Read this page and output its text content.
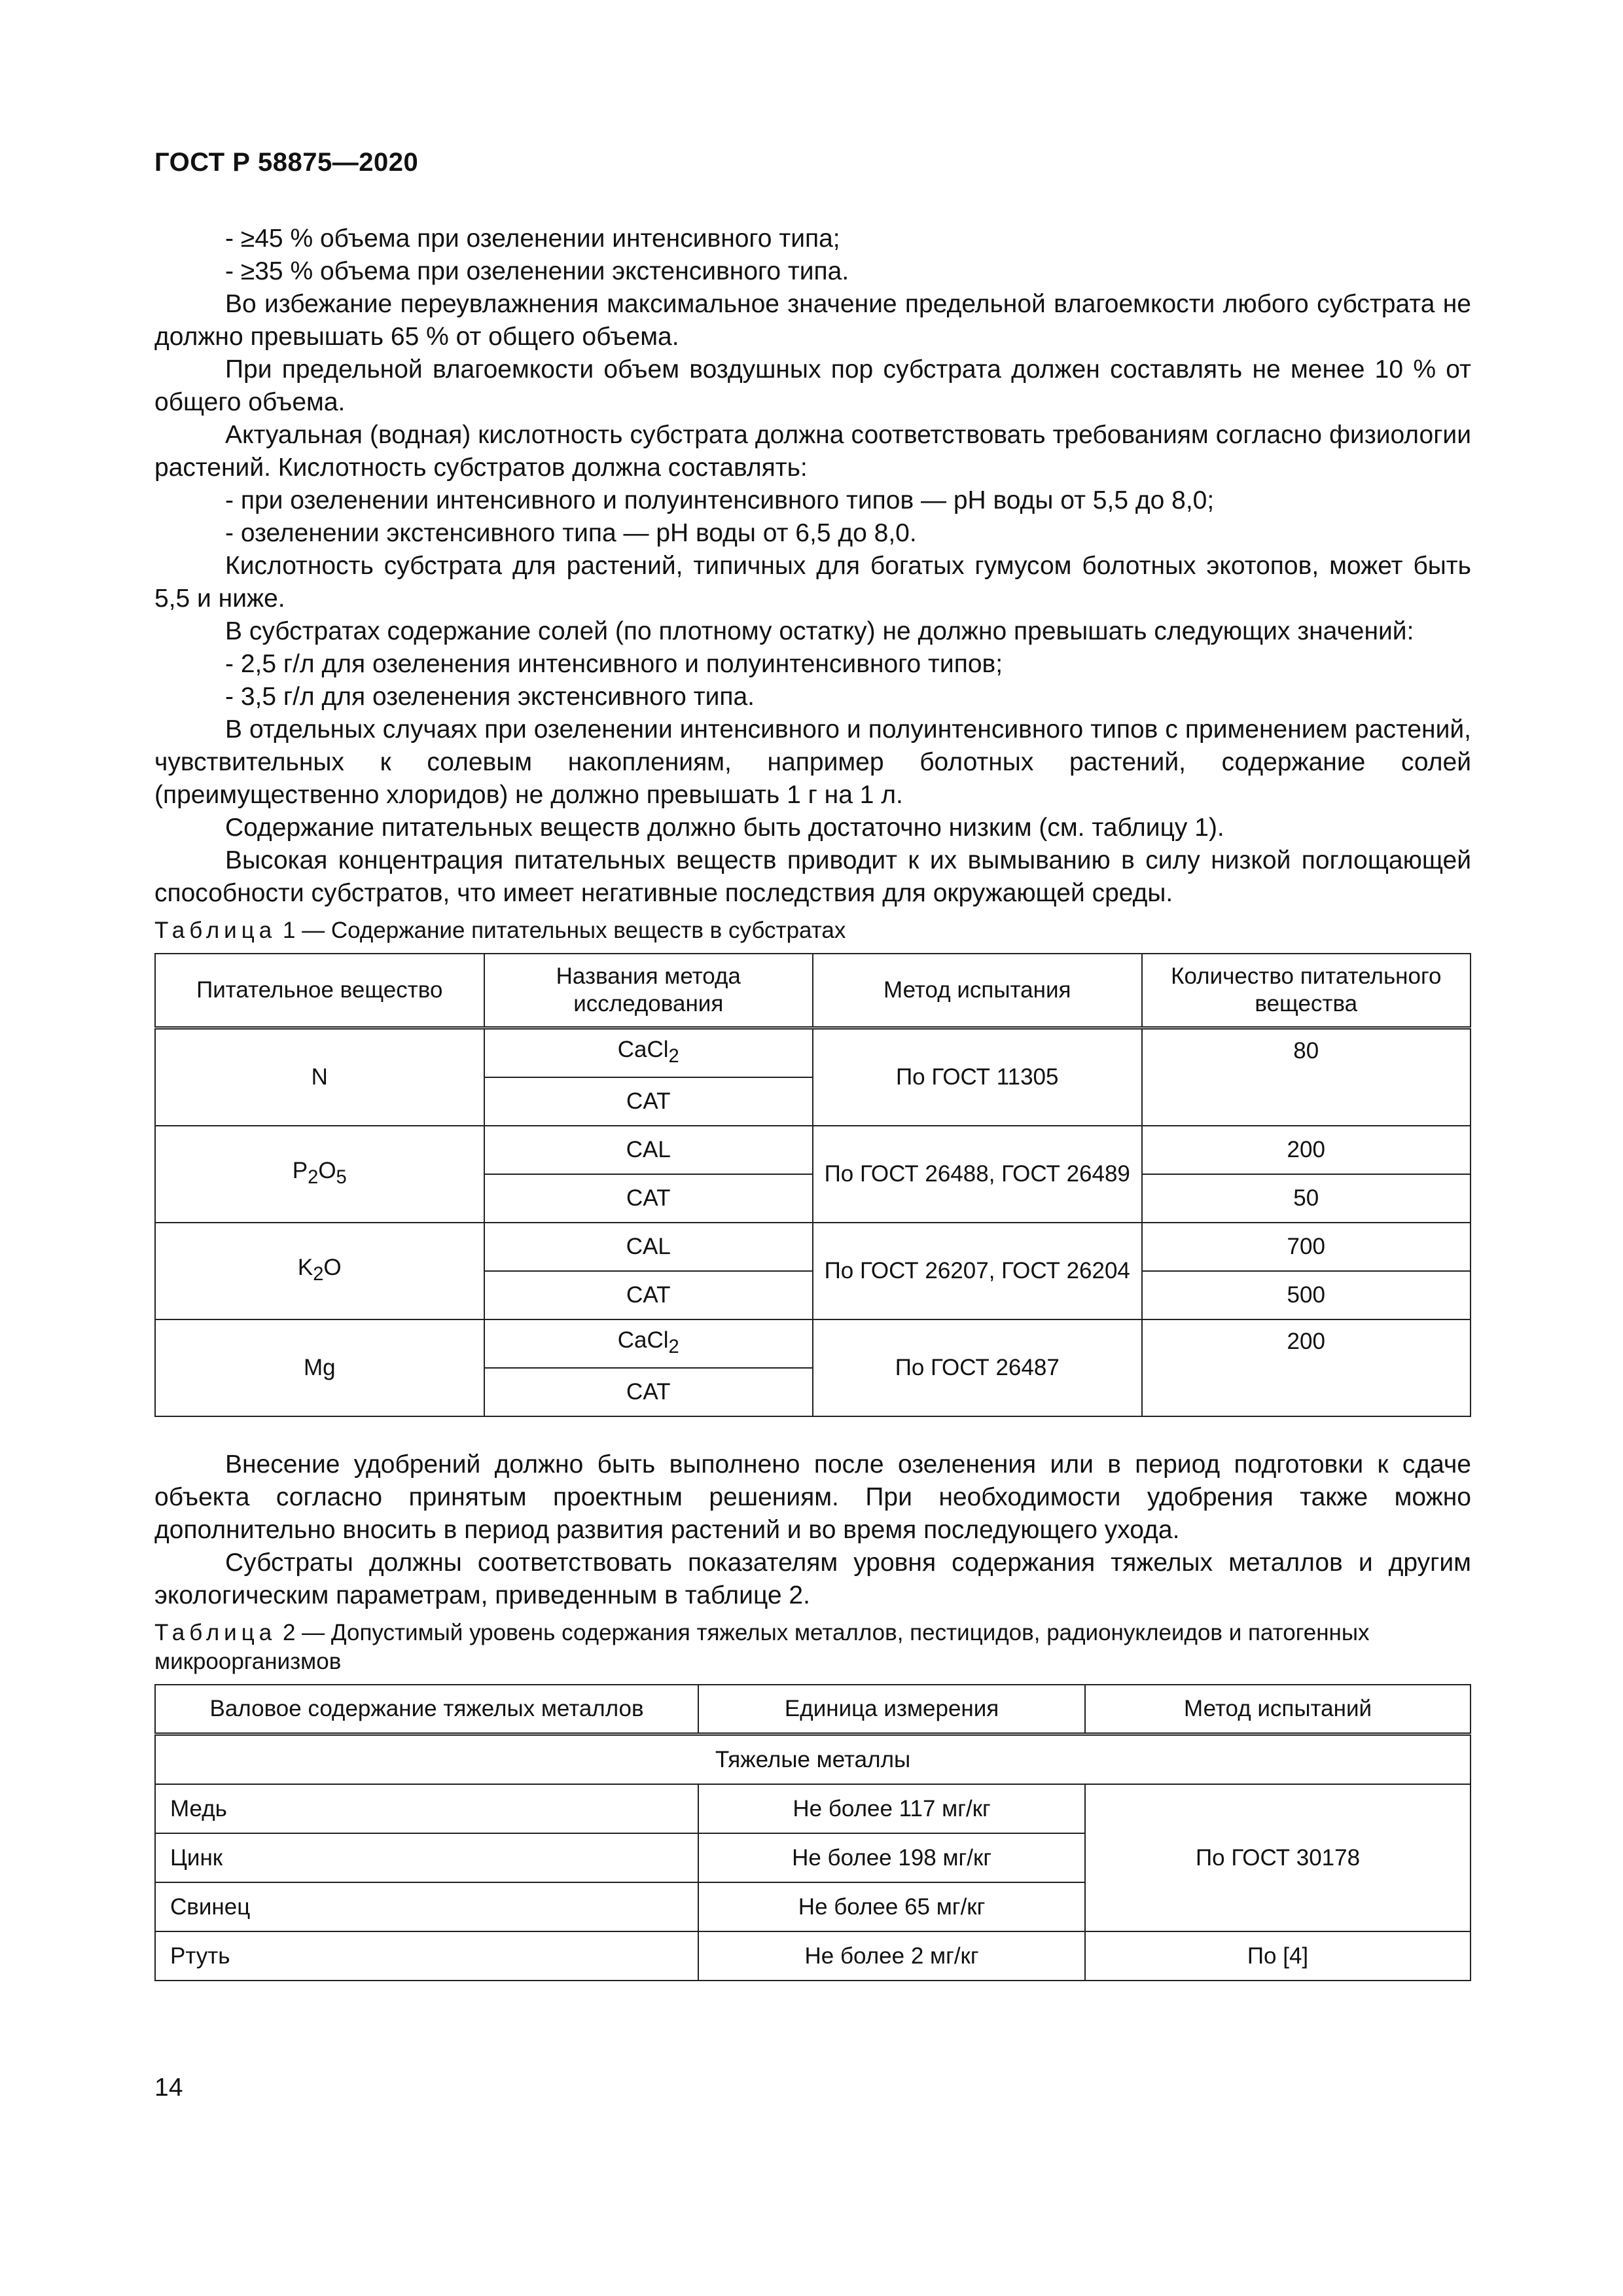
ГОСТ Р 58875—2020

- ≥45 % объема при озеленении интенсивного типа;

- ≥35 % объема при озеленении экстенсивного типа.

Во избежание переувлажнения максимальное значение предельной влагоемкости любого субстрата не должно превышать 65 % от общего объема.

При предельной влагоемкости объем воздушных пор субстрата должен составлять не менее 10 % от общего объема.

Актуальная (водная) кислотность субстрата должна соответствовать требованиям согласно физиологии растений. Кислотность субстратов должна составлять:

- при озеленении интенсивного и полуинтенсивного типов — pH воды от 5,5 до 8,0;

- озеленении экстенсивного типа — pH воды от 6,5 до 8,0.

Кислотность субстрата для растений, типичных для богатых гумусом болотных экотопов, может быть 5,5 и ниже.

В субстратах содержание солей (по плотному остатку) не должно превышать следующих значений:

- 2,5 г/л для озеленения интенсивного и полуинтенсивного типов;

- 3,5 г/л для озеленения экстенсивного типа.

В отдельных случаях при озеленении интенсивного и полуинтенсивного типов с применением растений, чувствительных к солевым накоплениям, например болотных растений, содержание солей (преимущественно хлоридов) не должно превышать 1 г на 1 л.

Содержание питательных веществ должно быть достаточно низким (см. таблицу 1).

Высокая концентрация питательных веществ приводит к их вымыванию в силу низкой поглощающей способности субстратов, что имеет негативные последствия для окружающей среды.

Таблица 1 — Содержание питательных веществ в субстратах
Питательное вещество	Названия метода исследования	Метод испытания	Количество питательного вещества
N	CaCl$_2$	По ГОСТ 11305	80
	CAT		
$P_2O_5$	CAL	По ГОСТ 26488, ГОСТ 26489	200
	CAT		50
$K_2O$	CAL	По ГОСТ 26207, ГОСТ 26204	700
	CAT		500
Mg	CaCl$_2$	По ГОСТ 26487	200
	CAT		

Внесение удобрений должно быть выполнено после озеленения или в период подготовки к сдаче объекта согласно принятым проектным решениям. При необходимости удобрения также можно дополнительно вносить в период развития растений и во время последующего ухода.

Субстраты должны соответствовать показателям уровня содержания тяжелых металлов и другим экологическим параметрам, приведенным в таблице 2.

Таблица 2 — Допустимый уровень содержания тяжелых металлов, пестицидов, радионуклеидов и патогенных микроорганизмов
Валовое содержание тяжелых металлов	Единица измерения	Метод испытаний
Тяжелые металлы		
Медь	Не более 117 мг/кг	По ГОСТ 30178
Цинк	Не более 198 мг/кг	
Свинец	Не более 65 мг/кг	
Ртуть	Не более 2 мг/кг	По [4]
14
